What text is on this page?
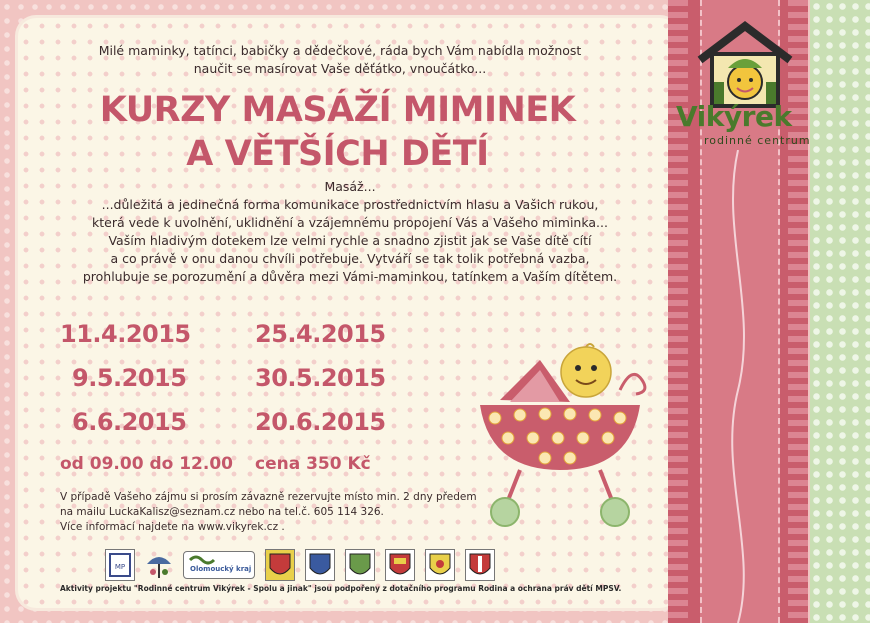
Vikýrek
rodinné centrum
Milé maminky, tatínci, babičky a dědečkové, ráda bych Vám nabídla možnost
naučit se masírovat Vaše děťátko, vnoučátko...
KURZY MASÁŽÍ MIMINEK
A VĚTŠÍCH DĚTÍ
Masáž...
...důležitá a jedinečná forma komunikace prostřednictvím hlasu a Vašich rukou,
která vede k uvolnění, uklidnění a vzájemnému propojení Vás a Vašeho miminka...
Vaším hladivým dotekem lze velmi rychle a snadno zjistit jak se Vaše dítě cítí
a co právě v onu danou chvíli potřebuje. Vytváří se tak tolik potřebná vazba,
prohlubuje se porozumění a důvěra mezi Vámi-maminkou, tatínkem a Vaším dítětem.
11.4.2015	25.4.2015
9.5.2015	30.5.2015
6.6.2015	20.6.2015
od 09.00 do 12.00 cena 350 Kč
V případě Vašeho zájmu si prosím závazně rezervujte místo min. 2 dny předem
na mailu LuckaKalisz@seznam.cz nebo na tel.č. 605 114 326.
Více informací najdete na www.vikyrek.cz .
MP	Olomoucký kraj
Aktivity projektu "Rodinné centrum Vikýrek - Spolu a jinak" jsou podpořeny z dotačního programu Rodina a ochrana práv dětí MPSV.
